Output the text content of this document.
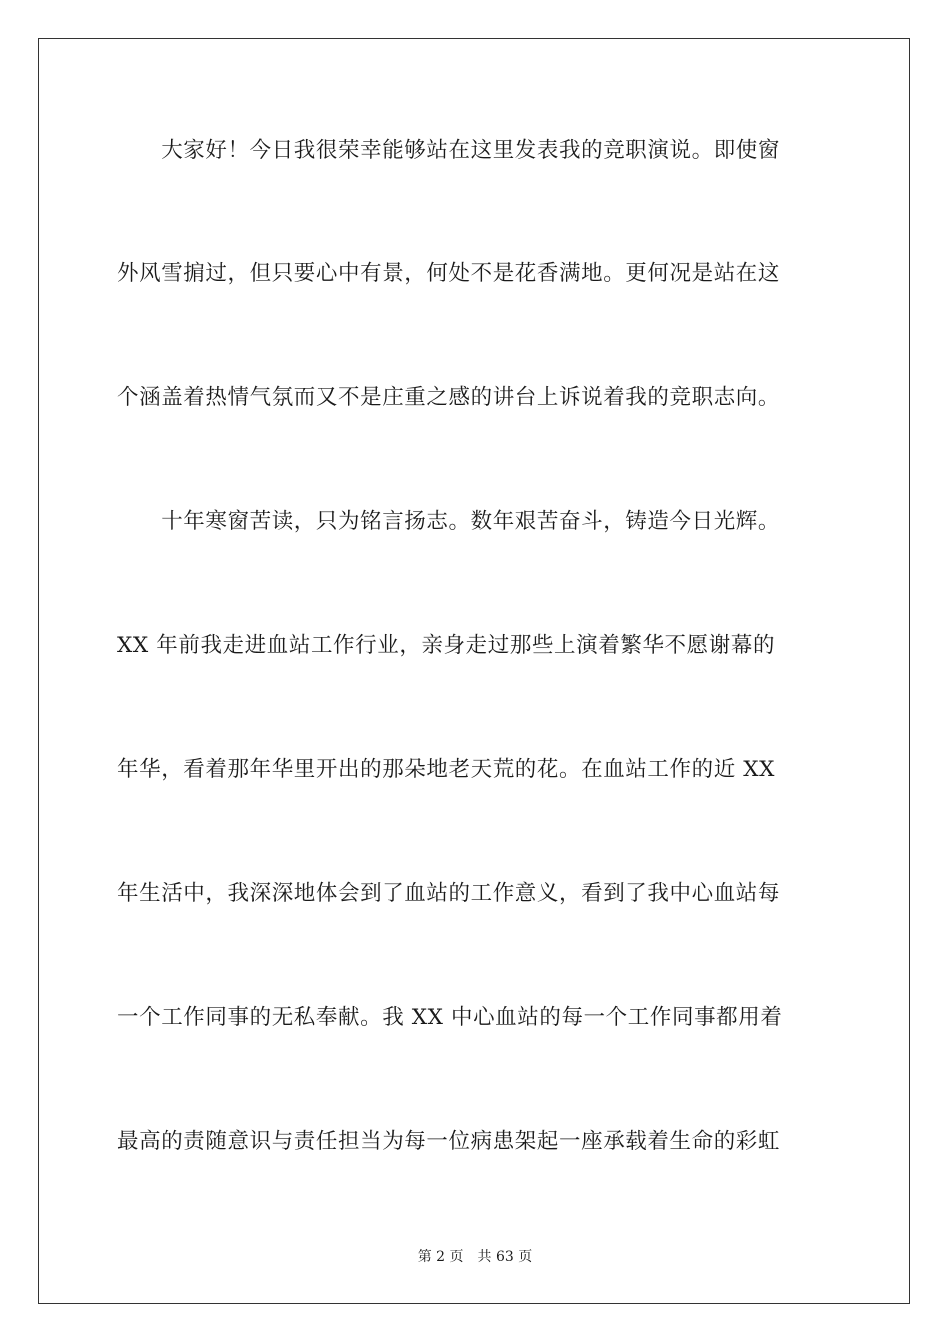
　　大家好！今日我很荣幸能够站在这里发表我的竞职演说。即使窗

外风雪掮过，但只要心中有景，何处不是花香满地。更何况是站在这

个涵盖着热情气氛而又不是庄重之感的讲台上诉说着我的竞职志向。

　　十年寒窗苦读，只为铭言扬志。数年艰苦奋斗，铸造今日光辉。

XX 年前我走进血站工作行业，亲身走过那些上演着繁华不愿谢幕的

年华，看着那年华里开出的那朵地老天荒的花。在血站工作的近 XX

年生活中，我深深地体会到了血站的工作意义，看到了我中心血站每

一个工作同事的无私奉献。我 XX 中心血站的每一个工作同事都用着

最高的责随意识与责任担当为每一位病患架起一座承载着生命的彩虹

第 2 页 共 63 页
